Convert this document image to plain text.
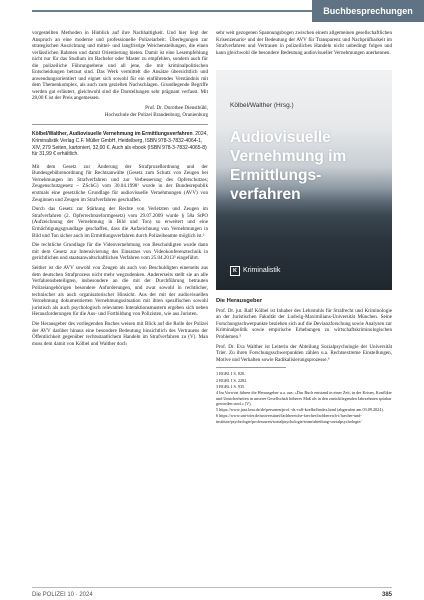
Buchbesprechungen

vorgestellten Methoden in Hinblick auf ihre Nachhaltigkeit. Und hier liegt der Anspruch an eine moderne und professionelle Polizeiarbeit: Überlegungen zur strategischen Ausrichtung und mittel- und langfristige Weichenstellungen, die einen verlässlichen Rahmen und damit Orientierung bieten. Damit ist eine Lesempfehlung nicht nur für das Studium im Bachelor oder Master zu empfehlen, sondern auch für die polizeiliche Führungsebene und all jene, die mit kriminalpolitischen Entscheidungen betraut sind. Das Werk vermittelt die Ansätze übersichtlich und anwendungsorientiert und eignet sich sowohl für ein einführendes Verständnis mit dem Themenkomplex, als auch zum gezielten Nachschlagen. Grundlegende Begriffe werden gut erläutert, gleichwohl sind die Darstellungen sehr prägnant verfasst. Mit 28,00 € ist der Preis angemessen.

Prof. Dr. Dorothee Dienstbühl,

Hochschule der Polizei Brandenburg, Oranienburg

Kölbel/Walther, Audiovisuelle Vernehmung im Ermittlungsverfahren. 2024, Kriminalistik Verlag C.F. Müller GmbH, Heidelberg, ISBN 978-3-7832-4064-1, XIV, 279 Seiten, kartoniert, 32,00 €. Auch als ebook (ISBN 978-3-7832-4065-8) für 31,99 € erhältlich.

Mit dem Gesetz zur Änderung der Strafprozeßordnung und der Bundesgebührenordnung für Rechtsanwälte (Gesetz zum Schutz von Zeugen bei Vernehmungen im Strafverfahren und zur Verbesserung des Opferschutzes; Zeugenschutzgesetz – ZSchG) vom 30.04.1998¹ wurde in der Bundesrepublik erstmals eine gesetzliche Grundlage für audiovisuelle Vernehmungen (AVV) von Zeuginnen und Zeugen im Strafverfahren geschaffen.

Durch das Gesetz zur Stärkung der Rechte von Verletzten und Zeugen im Strafverfahren (2. Opferrechtsreformgesetz) vom 29.07.2009 wurde § 58a StPO (Aufzeichnung der Vernehmung in Bild und Ton) so erweitert und eine Ermächtigungsgrundlage geschaffen, dass die Aufzeichnung von Vernehmungen in Bild und Ton sicher auch im Ermittlungsverfahren durch Polizeibeamte möglich ist.²

Die rechtliche Grundlage für die Videovernehmung von Beschuldigten wurde dann mit dem Gesetz zur Intensivierung des Einsatzes von Videokonferenztechnik in gerichtlichen und staatsanwaltschaftlichen Verfahren vom 25.04.2013³ eingeführt.

Seither ist die AVV sowohl von Zeugen als auch von Beschuldigten einerseits aus dem deutschen Strafprozess nicht mehr wegzudenken. Andererseits stellt sie an alle Verfahrensbeteiligten, insbesondere an die mit der Durchführung betrauten Polizeiangehörigen besondere Anforderungen, und zwar sowohl in rechtlicher, technischer als auch organisatorischer Hinsicht. Aus der mit der audiovisuellen Vernehmung dokumentierten Vernehmungssituation mit ihren spezifischen sowohl juristisch als auch psychologisch relevanten Interaktionsmustern ergeben sich neben Herausforderungen für die Aus- und Fortbildung von Polizisten, wie aus Juristen.

Die Herausgeber des vorliegenden Buches weisen mit Blick auf die Rolle der Polizei der AVV darüber hinaus eine besondere Bedeutung hinsichtlich des Vertrauens der Öffentlichkeit gegenüber rechtsstaatlichem Handeln im Strafverfahren zu (V). Man muss dem damit von Kölbel und Walther doch

sehr weit gezogenen Spannungsbogen zwischen einem allgemeinen gesellschaftlichen Krisenzenarioᵃ und der Bedeutung der AVV für Transparenz und Nachprüfbarkeit im Strafverfahren und Vertrauen in polizeiliches Handeln nicht unbedingt folgen und kann gleichwohl die besondere Bedeutung audiovisueller Vernehmungen anerkennen.

Kölbel/Walther (Hrsg.)
Audiovisuelle
Vernehmung im
Ermittlungs-
verfahren
K Kriminalistik
Die Herausgeber

Prof. Dr. jur. Ralf Kölbel ist Inhaber des Lehrstuhls für Strafrecht und Kriminologie an der Juristischen Fakultät der Ludwig-Maximilians-Universität München. Seine Forschungsschwerpunkte beziehen sich auf die Devianzforschung sowie Analysen zur Kriminalpolitik sowie empirische Erhebungen zu wirtschaftskriminologischen Problemen.⁵

Prof. Dr. Eva Walther ist Leiterin der Abteilung Sozialpsychologie der Universität Trier. Zu ihren Forschungsschwerpunkten zählen u.a. Rechtsextreme Einstellungen, Motive und Verhalten sowie Radikalisierungsprozesse.⁶

1 BGBl. I S. 820.

2 BGBl. I S. 2282.

3 BGBl. I S. 935.

4 Im Vorwort führen die Herausgeber u.a. aus: »Das Buch entstand in einer Zeit, in der Krisen, Konflikte und Unsicherheiten in unserer Gesellschaft höheres Maß als in den zurückliegenden Jahrzehnten spürbar geworden sind.« (V).

5 https://www.jura.lmu.de/de/personen/prof.-dr.-ralf-koelbel/index.html (abgerufen am 03.09.2024).

6 https://www.uni-trier.de/universitaet/fachbereiche-faecher/fachbereich-i/faecher-und-institute/psychologie/professuren/sozialpsychologie/team/abteilung-sozialpsychologie/

Die POLIZEI 10 · 2024	385
